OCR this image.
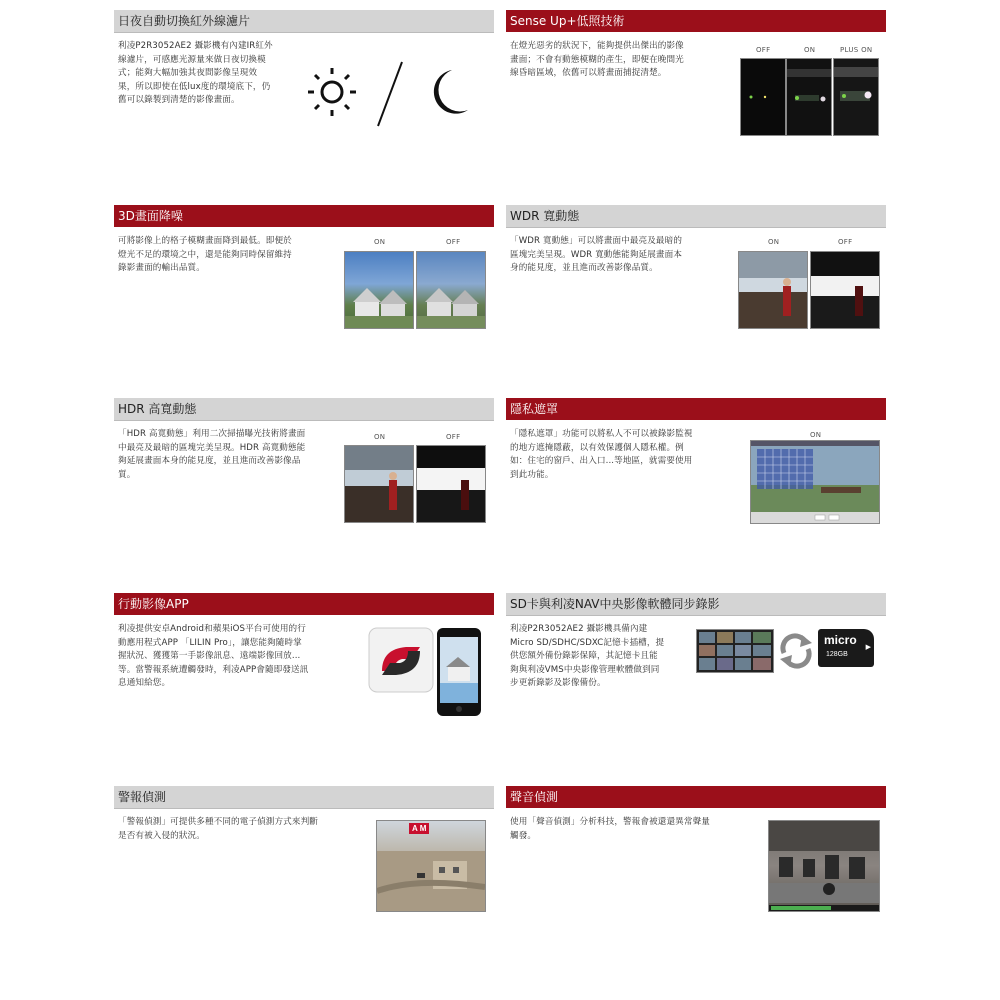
日夜自動切換紅外線濾片
利凌P2R3052AE2 攝影機有內建IR紅外
線濾片，可感應光源量來做日夜切換模
式；能夠大幅加強其夜間影像呈現效
果，所以即使在低lux度的環境底下，仍
舊可以錄製到清楚的影像畫面。
Sense Up+低照技術
在燈光惡劣的狀況下，能夠提供出傑出的影像
畫面；不會有動態模糊的產生，即便在晚間光
線昏暗區域，依舊可以將畫面捕捉清楚。
OFF	ON	PLUS ON
3D畫面降噪
可將影像上的格子模糊畫面降到最低。即便於
燈光不足的環境之中，還是能夠同時保留維持
錄影畫面的輸出品質。
ON	OFF
WDR 寬動態
「WDR 寬動態」可以將畫面中最亮及最暗的
區塊完美呈現。WDR 寬動態能夠延展畫面本
身的能見度，並且進而改善影像品質。
ON	OFF
HDR 高寬動態
「HDR 高寬動態」利用二次掃描曝光技術將畫面
中最亮及最暗的區塊完美呈現。HDR 高寬動態能
夠延展畫面本身的能見度，並且進而改善影像品
質。
ON	OFF
隱私遮罩
「隱私遮罩」功能可以將私人不可以被錄影監視
的地方遮掩隱蔽，以有效保護個人隱私權。例
如：住宅的窗戶、出入口...等地區，就需要使用
到此功能。
ON
行動影像APP
利凌提供安卓Android和蘋果iOS平台可使用的行
動應用程式APP 「LILIN Pro」，讓您能夠隨時掌
握狀況、獲獲第一手影像訊息、遠端影像回放...
等。當警報系統遭觸發時，利凌APP會隨即發送訊
息通知給您。
SD卡與利凌NAV中央影像軟體同步錄影
利凌P2R3052AE2 攝影機具備內建
Micro SD/SDHC/SDXC記憶卡插槽，提
供您額外備份錄影保障，其記憶卡且能
夠與利凌VMS中央影像管理軟體做到同
步更新錄影及影像備份。
micro
128GB
▶
警報偵測
「警報偵測」可提供多種不同的電子偵測方式來判斷
是否有被入侵的狀況。
A M
聲音偵測
使用「聲音偵測」分析科技，警報會被還還異常聲量
觸發。
